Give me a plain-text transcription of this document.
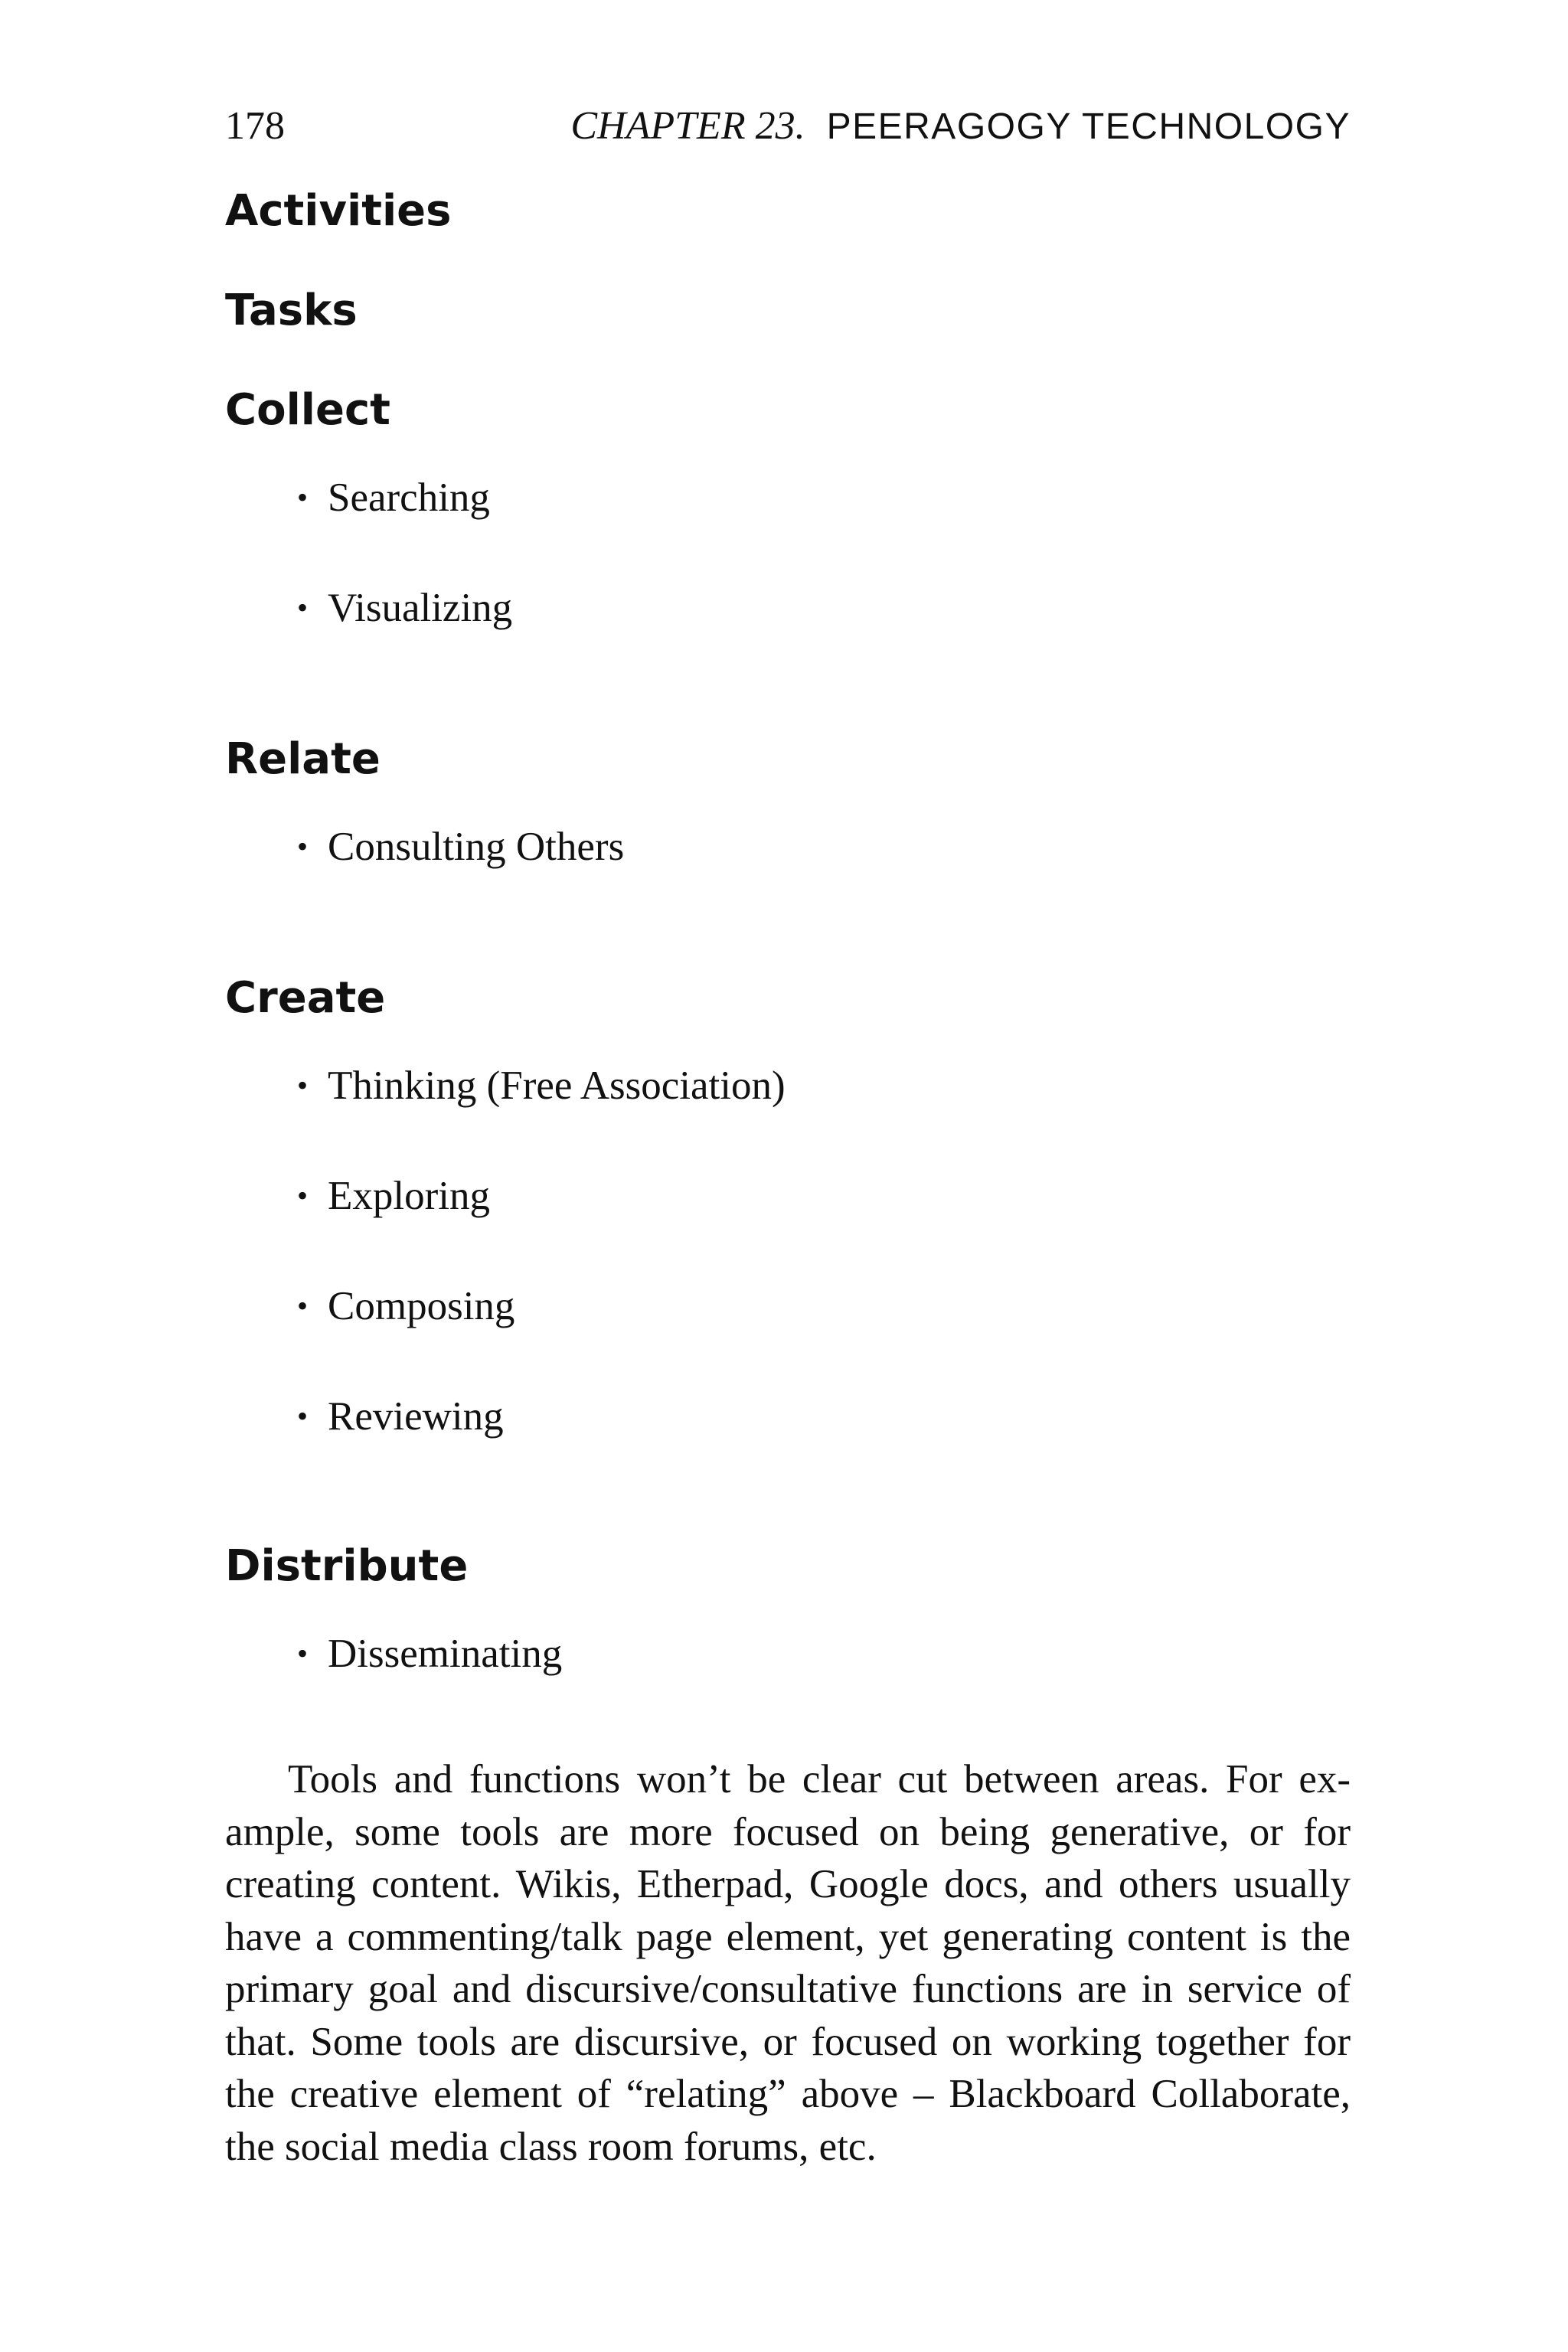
178	CHAPTER 23. PEERAGOGY TECHNOLOGY
Activities
Tasks
Collect
• Searching
• Visualizing
Relate
• Consulting Others
Create
• Thinking (Free Association)
• Exploring
• Composing
• Reviewing
Distribute
• Disseminating

Tools and functions won’t be clear cut between areas. For example, some tools are more focused on being generative, or for creating content. Wikis, Etherpad, Google docs, and others usually have a commenting/talk page element, yet generating content is the primary goal and discursive/consultative functions are in service of that. Some tools are discursive, or focused on working together for the creative element of “relating” above – Blackboard Collaborate, the social media class room forums, etc.
